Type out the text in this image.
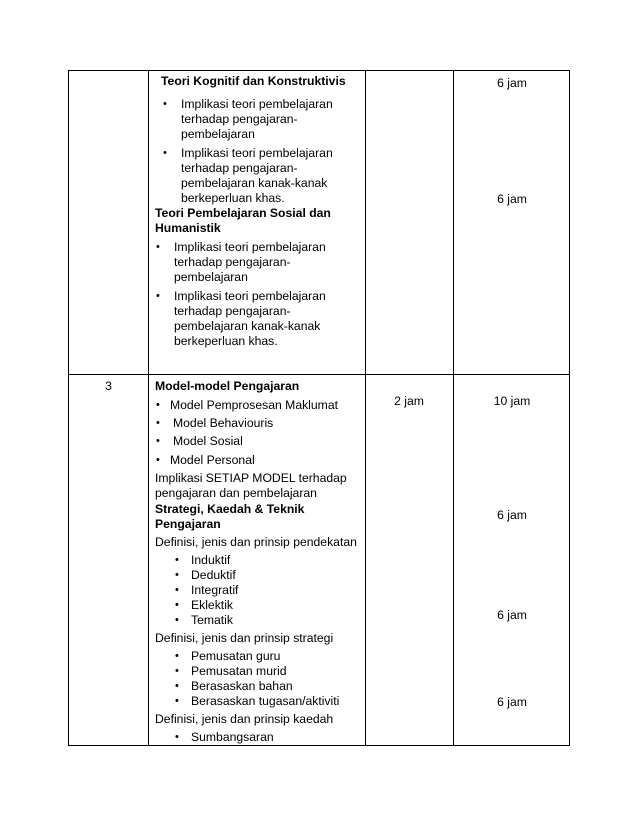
Teori Kognitif dan Konstruktivis
• Implikasi teori pembelajaran
terhadap pengajaran-
pembelajaran
• Implikasi teori pembelajaran
terhadap pengajaran-
pembelajaran kanak-kanak
berkeperluan khas.
Teori Pembelajaran Sosial dan
Humanistik
• Implikasi teori pembelajaran
terhadap pengajaran-
pembelajaran
• Implikasi teori pembelajaran
terhadap pengajaran-
pembelajaran kanak-kanak
berkeperluan khas.
6 jam
6 jam
3	Model-model Pengajaran
• Model Pemprosesan Maklumat
• Model Behaviouris
• Model Sosial
• Model Personal
Implikasi SETIAP MODEL terhadap
pengajaran dan pembelajaran
Strategi, Kaedah & Teknik
Pengajaran
Definisi, jenis dan prinsip pendekatan
• Induktif
• Deduktif
• Integratif
• Eklektik
• Tematik
Definisi, jenis dan prinsip strategi
• Pemusatan guru
• Pemusatan murid
• Berasaskan bahan
• Berasaskan tugasan/aktiviti
Definisi, jenis dan prinsip kaedah
• Sumbangsaran
2 jam	10 jam
6 jam
6 jam
6 jam
